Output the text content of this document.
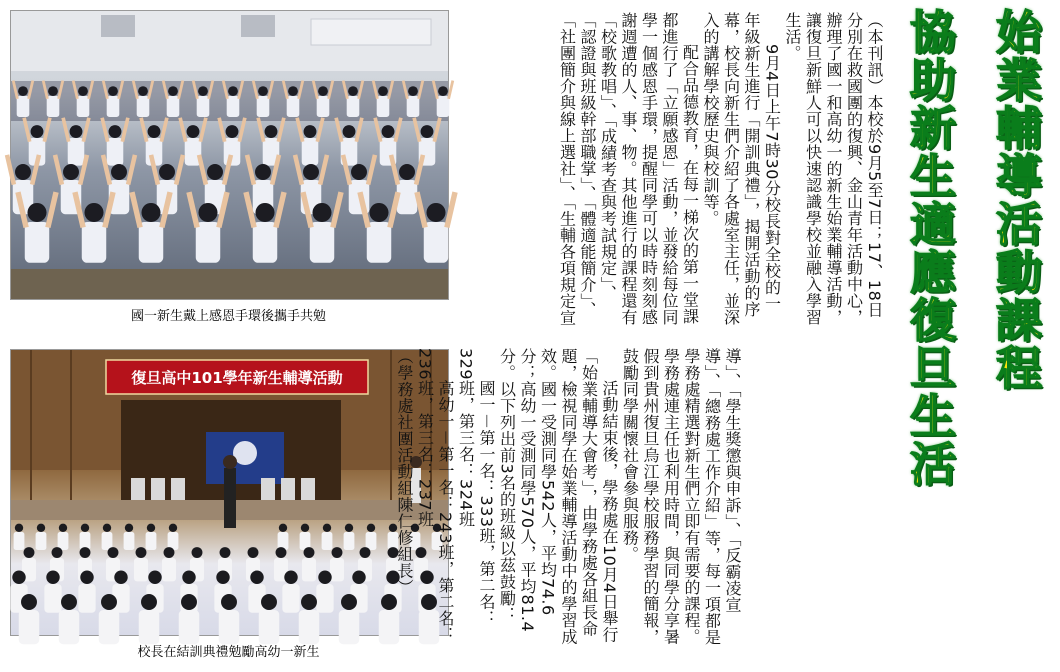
國一新生戴上感恩手環後攜手共勉
復旦高中101學年新生輔導活動
校長在結訓典禮勉勵高幼一新生

（本刊訊）本校於9月5至7日；17、18日分別在救國團的復興、金山青年活動中心，辦理了國一和高幼一的新生始業輔導活動，讓復旦新鮮人可以快速認識學校並融入學習生活。

9月4日上午7時30分校長對全校的一年級新生進行「開訓典禮」，揭開活動的序幕，校長向新生們介紹了各處室主任，並深入的講解學校歷史與校訓等。

配合品德教育，在每一梯次的第一堂課都進行了「立願感恩」活動，並發給每位同學一個感恩手環，提醒同學可以時時刻刻感謝週遭的人、事、物。其他進行的課程還有「校歌教唱」、「成績考查與考試規定」、「認證與班級幹部職掌」、「體適能簡介」、「社團簡介與線上選社」、「生輔各項規定宣

導」、「學生獎懲與申訴」、「反霸凌宣導」、「總務處工作介紹」等，每一項都是學務處精選對新生們立即有需要的課程。學務處連主任也利用時間，與同學分享暑假到貴州復旦烏江學校服務學習的簡報，鼓勵同學關懷社會參與服務。

活動結束後，學務處在10月4日舉行「始業輔導大會考」，由學務處各組長命題，檢視同學在始業輔導活動中的學習成效。國一受測同學542人，平均74.6分；高幼一受測同學570人，平均81.4分。以下列出前3名的班級以茲鼓勵：

國一－第一名：333班，第二名：329班，第三名：324班

高幼一－第一名：243班，第二名：236班，第三名：237班

（學務處社團活動組陳仁修組長）

始業輔導活動課程
協助新生適應復旦生活
